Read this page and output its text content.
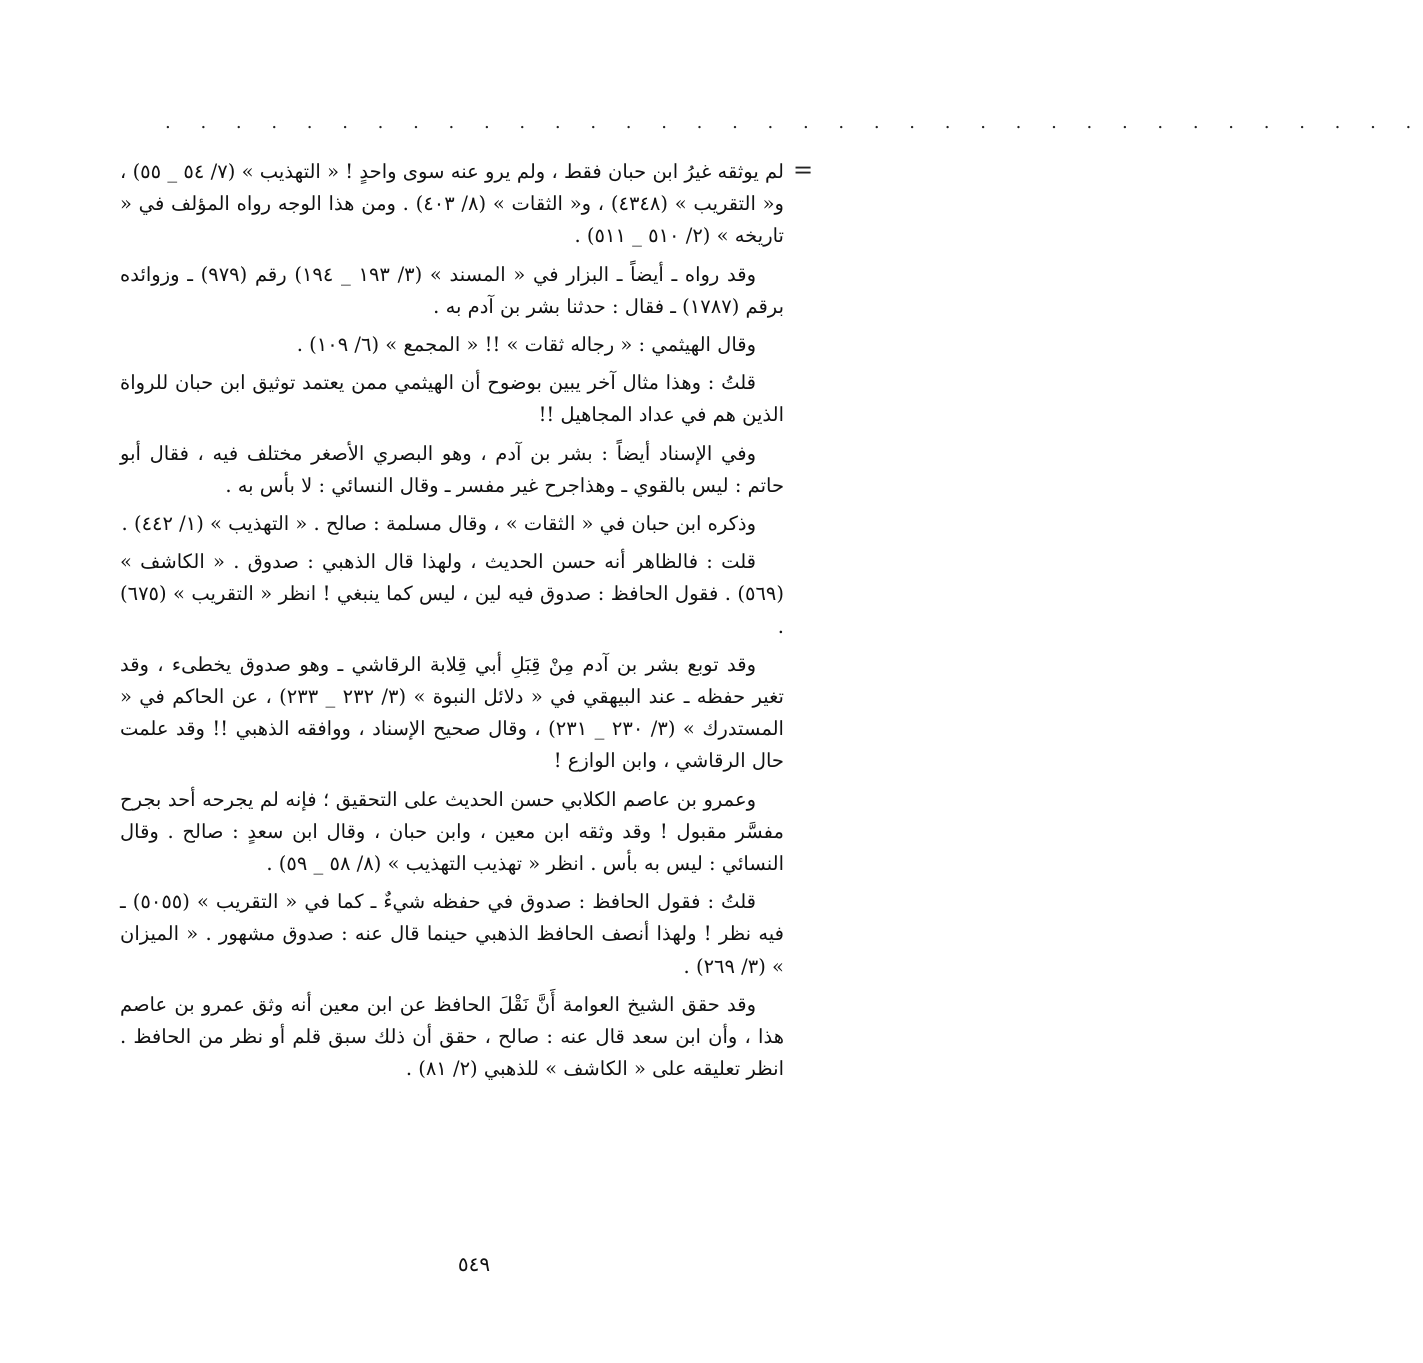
. . . . . . . . . . . . . . . . . . . . . . . . . . . . . . . . . . . .
=

لم يوثقه غيرُ ابن حبان فقط ، ولم يرو عنه سوى واحدٍ ! « التهذيب » (٧/ ٥٤ _ ٥٥) ، و« التقريب » (٤٣٤٨) ، و« الثقات » (٨/ ٤٠٣) . ومن هذا الوجه رواه المؤلف في « تاريخه » (٢/ ٥١٠ _ ٥١١) .

وقد رواه ـ أيضاً ـ البزار في « المسند » (٣/ ١٩٣ _ ١٩٤) رقم (٩٧٩) ـ وزوائده برقم (١٧٨٧) ـ فقال : حدثنا بشر بن آدم به .

وقال الهيثمي : « رجاله ثقات » !! « المجمع » (٦/ ١٠٩) .

قلتُ : وهذا مثال آخر يبين بوضوح أن الهيثمي ممن يعتمد توثيق ابن حبان للرواة الذين هم في عداد المجاهيل !!

وفي الإسناد أيضاً : بشر بن آدم ، وهو البصري الأصغر مختلف فيه ، فقال أبو حاتم : ليس بالقوي ـ وهذاجرح غير مفسر ـ وقال النسائي : لا بأس به .

وذكره ابن حبان في « الثقات » ، وقال مسلمة : صالح . « التهذيب » (١/ ٤٤٢) .

قلت : فالظاهر أنه حسن الحديث ، ولهذا قال الذهبي : صدوق . « الكاشف » (٥٦٩) . فقول الحافظ : صدوق فيه لين ، ليس كما ينبغي ! انظر « التقريب » (٦٧٥) .

وقد توبع بشر بن آدم مِنْ قِبَلِ أبي قِلابة الرقاشي ـ وهو صدوق يخطىء ، وقد تغير حفظه ـ عند البيهقي في « دلائل النبوة » (٣/ ٢٣٢ _ ٢٣٣) ، عن الحاكم في « المستدرك » (٣/ ٢٣٠ _ ٢٣١) ، وقال صحيح الإسناد ، ووافقه الذهبي !! وقد علمت حال الرقاشي ، وابن الوازع !

وعمرو بن عاصم الكلابي حسن الحديث على التحقيق ؛ فإنه لم يجرحه أحد بجرح مفسَّر مقبول ! وقد وثقه ابن معين ، وابن حبان ، وقال ابن سعدٍ : صالح . وقال النسائي : ليس به بأس . انظر « تهذيب التهذيب » (٨/ ٥٨ _ ٥٩) .

قلتُ : فقول الحافظ : صدوق في حفظه شيءٌ ـ كما في « التقريب » (٥٠٥٥) ـ فيه نظر ! ولهذا أنصف الحافظ الذهبي حينما قال عنه : صدوق مشهور . « الميزان » (٣/ ٢٦٩) .

وقد حقق الشيخ العوامة أَنَّ نَقْلَ الحافظ عن ابن معين أنه وثق عمرو بن عاصم هذا ، وأن ابن سعد قال عنه : صالح ، حقق أن ذلك سبق قلم أو نظر من الحافظ . انظر تعليقه على « الكاشف » للذهبي (٢/ ٨١) .

٥٤٩
